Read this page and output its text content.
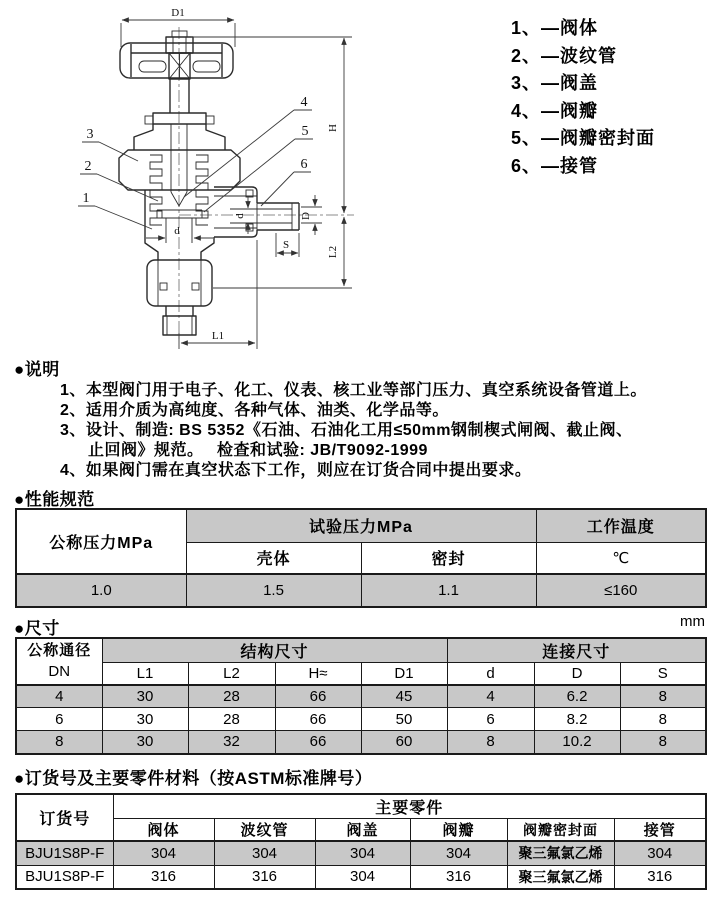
D1
H
L2
L1
S
d
d	D
3
2
1
4
5
6
1、—阀体
2、—波纹管
3、—阀盖
4、—阀瓣
5、—阀瓣密封面
6、—接管
●说明
1、本型阀门用于电子、化工、仪表、核工业等部门压力、真空系统设备管道上。
2、适用介质为高纯度、各种气体、油类、化学品等。
3、设计、制造: BS 5352《石油、石油化工用≤50mm钢制楔式闸阀、截止阀、
止回阀》规范。　 检查和试验: JB/T9092-1999
4、如果阀门需在真空状态下工作，则应在订货合同中提出要求。
●性能规范
公称压力MPa	试验压力MPa		工作温度
	壳体	密封	℃
1.0	1.5	1.1	≤160
●尺寸	mm
公称通径
DN	结构尺寸				连接尺寸		
	L1	L2	H≈	D1	d	D	S
4	30	28	66	45	4	6.2	8
6	30	28	66	50	6	8.2	8
8	30	32	66	60	8	10.2	8
●订货号及主要零件材料（按ASTM标准牌号）
订货号	主要零件					
	阀体	波纹管	阀盖	阀瓣	阀瓣密封面	接管
BJU1S8P-F	304	304	304	304	聚三氟氯乙烯	304
BJU1S8P-F	316	316	304	316	聚三氟氯乙烯	316
